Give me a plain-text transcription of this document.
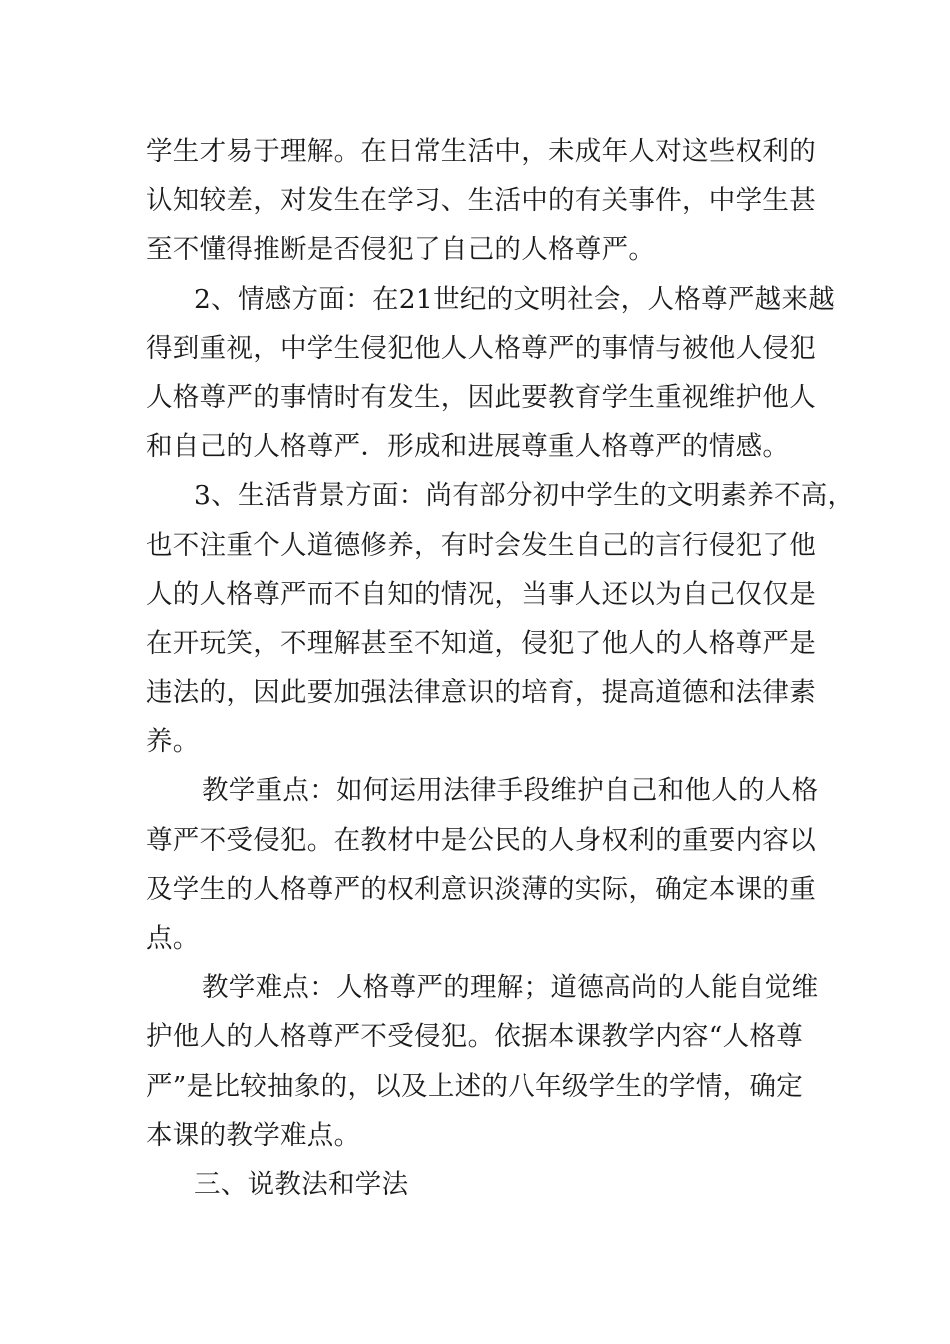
学生才易于理解。在日常生活中，未成年人对这些权利的
认知较差，对发生在学习、生活中的有关事件，中学生甚
至不懂得推断是否侵犯了自己的人格尊严。
2、情感方面：在21世纪的文明社会，人格尊严越来越
得到重视，中学生侵犯他人人格尊严的事情与被他人侵犯
人格尊严的事情时有发生，因此要教育学生重视维护他人
和自己的人格尊严．形成和进展尊重人格尊严的情感。
3、生活背景方面：尚有部分初中学生的文明素养不高，
也不注重个人道德修养，有时会发生自己的言行侵犯了他
人的人格尊严而不自知的情况，当事人还以为自己仅仅是
在开玩笑，不理解甚至不知道，侵犯了他人的人格尊严是
违法的，因此要加强法律意识的培育，提高道德和法律素
养。
教学重点：如何运用法律手段维护自己和他人的人格
尊严不受侵犯。在教材中是公民的人身权利的重要内容以
及学生的人格尊严的权利意识淡薄的实际，确定本课的重
点。
教学难点：人格尊严的理解；道德高尚的人能自觉维
护他人的人格尊严不受侵犯。依据本课教学内容“人格尊
严”是比较抽象的，以及上述的八年级学生的学情，确定
本课的教学难点。
三、说教法和学法
